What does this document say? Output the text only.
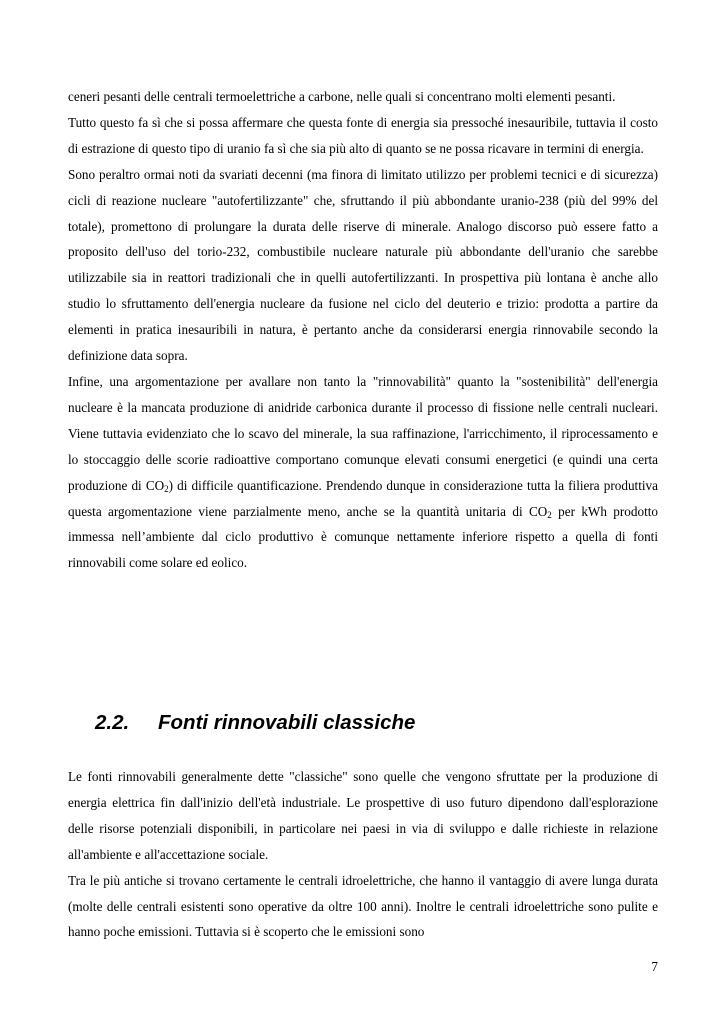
ceneri pesanti delle centrali termoelettriche a carbone, nelle quali si concentrano molti elementi pesanti.

Tutto questo fa sì che si possa affermare che questa fonte di energia sia pressoché inesauribile, tuttavia il costo di estrazione di questo tipo di uranio fa sì che sia più alto di quanto se ne possa ricavare in termini di energia.

Sono peraltro ormai noti da svariati decenni (ma finora di limitato utilizzo per problemi tecnici e di sicurezza) cicli di reazione nucleare "autofertilizzante" che, sfruttando il più abbondante uranio-238 (più del 99% del totale), promettono di prolungare la durata delle riserve di minerale. Analogo discorso può essere fatto a proposito dell'uso del torio-232, combustibile nucleare naturale più abbondante dell'uranio che sarebbe utilizzabile sia in reattori tradizionali che in quelli autofertilizzanti. In prospettiva più lontana è anche allo studio lo sfruttamento dell'energia nucleare da fusione nel ciclo del deuterio e trizio: prodotta a partire da elementi in pratica inesauribili in natura, è pertanto anche da considerarsi energia rinnovabile secondo la definizione data sopra.

Infine, una argomentazione per avallare non tanto la "rinnovabilità" quanto la "sostenibilità" dell'energia nucleare è la mancata produzione di anidride carbonica durante il processo di fissione nelle centrali nucleari. Viene tuttavia evidenziato che lo scavo del minerale, la sua raffinazione, l'arricchimento, il riprocessamento e lo stoccaggio delle scorie radioattive comportano comunque elevati consumi energetici (e quindi una certa produzione di $CO_2$) di difficile quantificazione. Prendendo dunque in considerazione tutta la filiera produttiva questa argomentazione viene parzialmente meno, anche se la quantità unitaria di $CO_2$ per kWh prodotto immessa nell’ambiente dal ciclo produttivo è comunque nettamente inferiore rispetto a quella di fonti rinnovabili come solare ed eolico.

2.2. Fonti rinnovabili classiche

Le fonti rinnovabili generalmente dette "classiche" sono quelle che vengono sfruttate per la produzione di energia elettrica fin dall'inizio dell'età industriale. Le prospettive di uso futuro dipendono dall'esplorazione delle risorse potenziali disponibili, in particolare nei paesi in via di sviluppo e dalle richieste in relazione all'ambiente e all'accettazione sociale.

Tra le più antiche si trovano certamente le centrali idroelettriche, che hanno il vantaggio di avere lunga durata (molte delle centrali esistenti sono operative da oltre 100 anni). Inoltre le centrali idroelettriche sono pulite e hanno poche emissioni. Tuttavia si è scoperto che le emissioni sono

7
